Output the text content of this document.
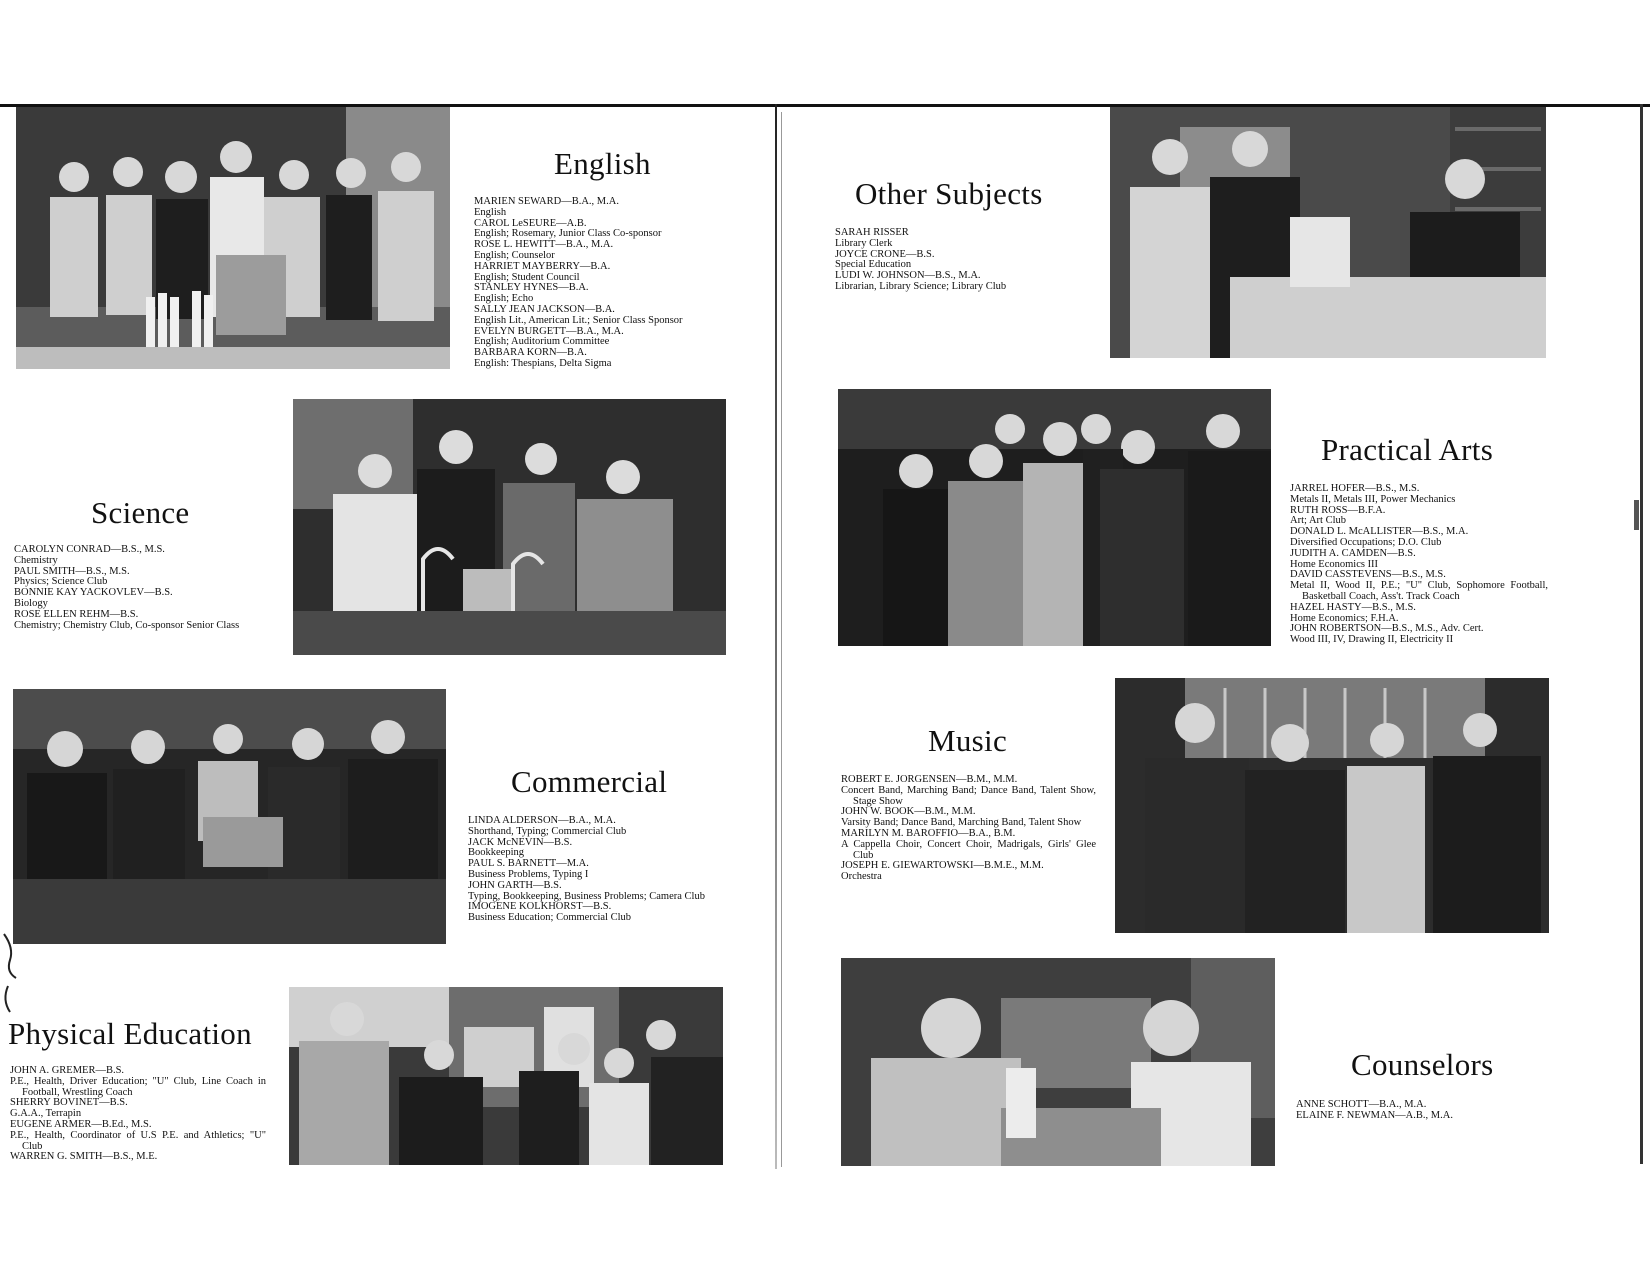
English
MARIEN SEWARD—B.A., M.A.
English
CAROL LeSEURE—A.B.
English; Rosemary, Junior Class Co-sponsor
ROSE L. HEWITT—B.A., M.A.
English; Counselor
HARRIET MAYBERRY—B.A.
English; Student Council
STANLEY HYNES—B.A.
English; Echo
SALLY JEAN JACKSON—B.A.
English Lit., American Lit.; Senior Class Sponsor
EVELYN BURGETT—B.A., M.A.
English; Auditorium Committee
BARBARA KORN—B.A.
English: Thespians, Delta Sigma
Science
CAROLYN CONRAD—B.S., M.S.
Chemistry
PAUL SMITH—B.S., M.S.
Physics; Science Club
BONNIE KAY YACKOVLEV—B.S.
Biology
ROSE ELLEN REHM—B.S.
Chemistry; Chemistry Club, Co-sponsor Senior Class
Commercial
LINDA ALDERSON—B.A., M.A.
Shorthand, Typing; Commercial Club
JACK McNEVIN—B.S.
Bookkeeping
PAUL S. BARNETT—M.A.
Business Problems, Typing I
JOHN GARTH—B.S.
Typing, Bookkeeping, Business Problems; Camera Club
IMOGENE KOLKHORST—B.S.
Business Education; Commercial Club
Physical Education
JOHN A. GREMER—B.S.
P.E., Health, Driver Education; "U" Club, Line Coach in Football, Wrestling Coach
SHERRY BOVINET—B.S.
G.A.A., Terrapin
EUGENE ARMER—B.Ed., M.S.
P.E., Health, Coordinator of U.S P.E. and Athletics; "U" Club
WARREN G. SMITH—B.S., M.E.
Other Subjects
SARAH RISSER
Library Clerk
JOYCE CRONE—B.S.
Special Education
LUDI W. JOHNSON—B.S., M.A.
Librarian, Library Science; Library Club
Practical Arts
JARREL HOFER—B.S., M.S.
Metals II, Metals III, Power Mechanics
RUTH ROSS—B.F.A.
Art; Art Club
DONALD L. McALLISTER—B.S., M.A.
Diversified Occupations; D.O. Club
JUDITH A. CAMDEN—B.S.
Home Economics III
DAVID CASSTEVENS—B.S., M.S.
Metal II, Wood II, P.E.; "U" Club, Sophomore Football, Basketball Coach, Ass't. Track Coach
HAZEL HASTY—B.S., M.S.
Home Economics; F.H.A.
JOHN ROBERTSON—B.S., M.S., Adv. Cert.
Wood III, IV, Drawing II, Electricity II
Music
ROBERT E. JORGENSEN—B.M., M.M.
Concert Band, Marching Band; Dance Band, Talent Show, Stage Show
JOHN W. BOOK—B.M., M.M.
Varsity Band; Dance Band, Marching Band, Talent Show
MARILYN M. BAROFFIO—B.A., B.M.
A Cappella Choir, Concert Choir, Madrigals, Girls' Glee Club
JOSEPH E. GIEWARTOWSKI—B.M.E., M.M.
Orchestra
Counselors
ANNE SCHOTT—B.A., M.A.
ELAINE F. NEWMAN—A.B., M.A.
